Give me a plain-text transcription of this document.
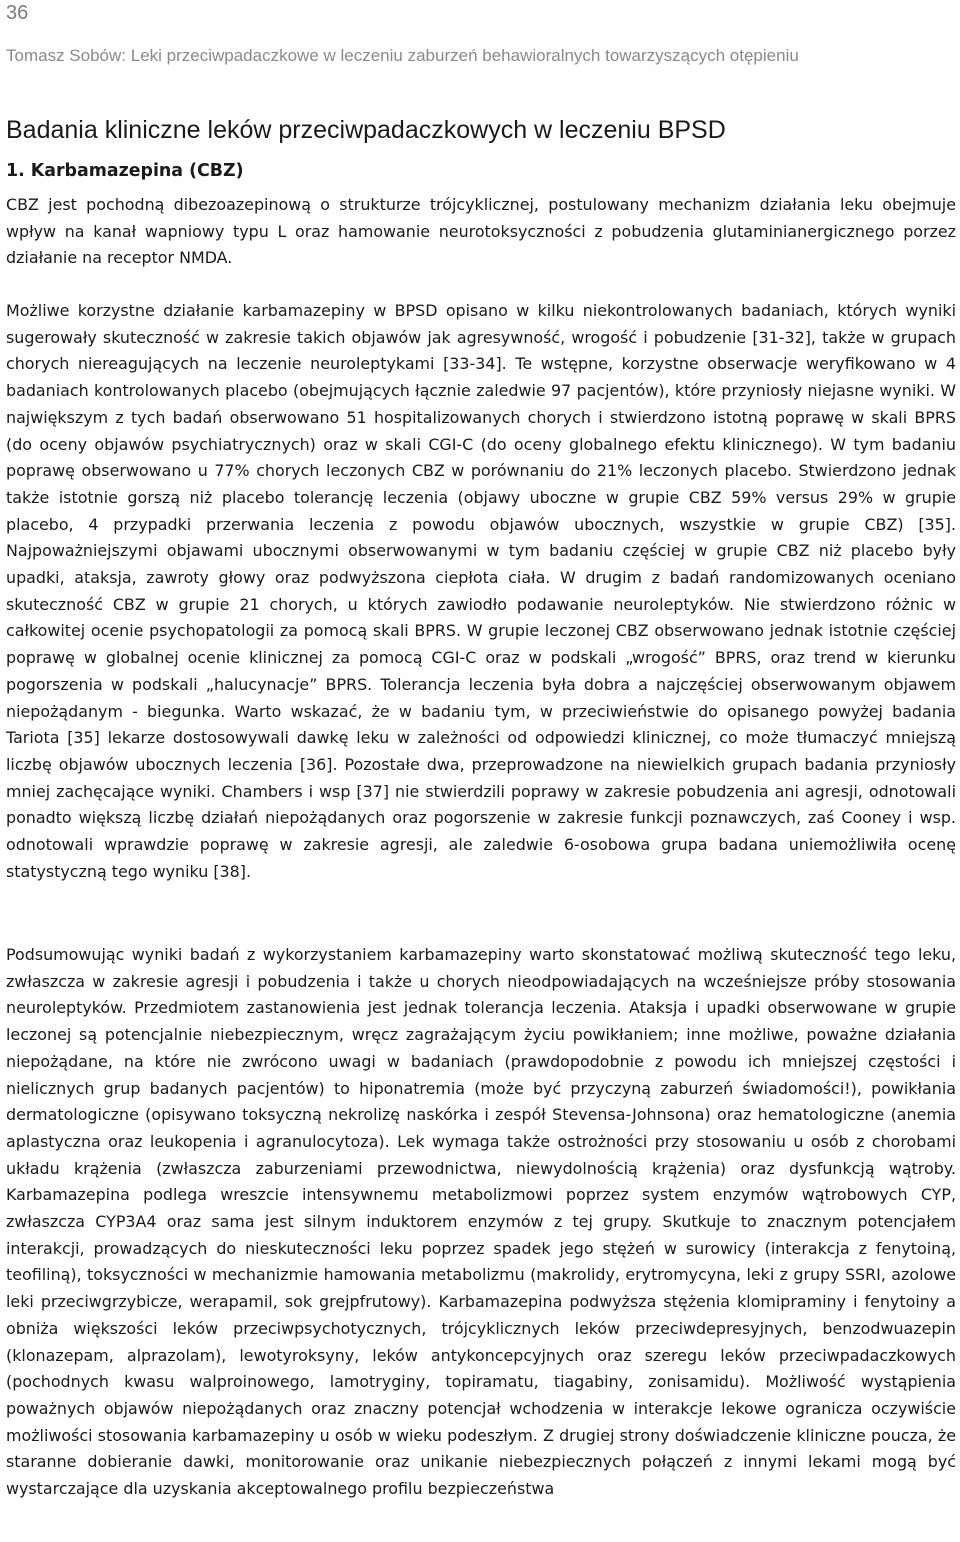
36
Tomasz Sobów: Leki przeciwpadaczkowe w leczeniu zaburzeń behawioralnych towarzyszących otępieniu
Badania kliniczne leków przeciwpadaczkowych w leczeniu BPSD
1. Karbamazepina (CBZ)

CBZ jest pochodną dibezoazepinową o strukturze trójcyklicznej, postulowany mechanizm działania leku obejmuje wpływ na kanał wapniowy typu L oraz hamowanie neurotoksyczności z pobudzenia glutaminianergicznego porzez działanie na receptor NMDA.

Możliwe korzystne działanie karbamazepiny w BPSD opisano w kilku niekontrolowanych badaniach, których wyniki sugerowały skuteczność w zakresie takich objawów jak agresywność, wrogość i pobudzenie [31-32], także w grupach chorych niereagujących na leczenie neuroleptykami [33-34]. Te wstępne, korzystne obserwacje weryfikowano w 4 badaniach kontrolowanych placebo (obejmujących łącznie zaledwie 97 pacjentów), które przyniosły niejasne wyniki. W największym z tych badań obserwowano 51 hospitalizowanych chorych i stwierdzono istotną poprawę w skali BPRS (do oceny objawów psychiatrycznych) oraz w skali CGI-C (do oceny globalnego efektu klinicznego). W tym badaniu poprawę obserwowano u 77% chorych leczonych CBZ w porównaniu do 21% leczonych placebo. Stwierdzono jednak także istotnie gorszą niż placebo tolerancję leczenia (objawy uboczne w grupie CBZ 59% versus 29% w grupie placebo, 4 przypadki przerwania leczenia z powodu objawów ubocznych, wszystkie w grupie CBZ) [35]. Najpoważniejszymi objawami ubocznymi obserwowanymi w tym badaniu częściej w grupie CBZ niż placebo były upadki, ataksja, zawroty głowy oraz podwyższona ciepłota ciała. W drugim z badań randomizowanych oceniano skuteczność CBZ w grupie 21 chorych, u których zawiodło podawanie neuroleptyków. Nie stwierdzono różnic w całkowitej ocenie psychopatologii za pomocą skali BPRS. W grupie leczonej CBZ obserwowano jednak istotnie częściej poprawę w globalnej ocenie klinicznej za pomocą CGI-C oraz w podskali „wrogość” BPRS, oraz trend w kierunku pogorszenia w podskali „halucynacje” BPRS. Tolerancja leczenia była dobra a najczęściej obserwowanym objawem niepożądanym - biegunka. Warto wskazać, że w badaniu tym, w przeciwieństwie do opisanego powyżej badania Tariota [35] lekarze dostosowywali dawkę leku w zależności od odpowiedzi klinicznej, co może tłumaczyć mniejszą liczbę objawów ubocznych leczenia [36]. Pozostałe dwa, przeprowadzone na niewielkich grupach badania przyniosły mniej zachęcające wyniki. Chambers i wsp [37] nie stwierdzili poprawy w zakresie pobudzenia ani agresji, odnotowali ponadto większą liczbę działań niepożądanych oraz pogorszenie w zakresie funkcji poznawczych, zaś Cooney i wsp. odnotowali wprawdzie poprawę w zakresie agresji, ale zaledwie 6-osobowa grupa badana uniemożliwiła ocenę statystyczną tego wyniku [38].

Podsumowując wyniki badań z wykorzystaniem karbamazepiny warto skonstatować możliwą skuteczność tego leku, zwłaszcza w zakresie agresji i pobudzenia i także u chorych nieodpowiadających na wcześniejsze próby stosowania neuroleptyków. Przedmiotem zastanowienia jest jednak tolerancja leczenia. Ataksja i upadki obserwowane w grupie leczonej są potencjalnie niebezpiecznym, wręcz zagrażającym życiu powikłaniem; inne możliwe, poważne działania niepożądane, na które nie zwrócono uwagi w badaniach (prawdopodobnie z powodu ich mniejszej częstości i nielicznych grup badanych pacjentów) to hiponatremia (może być przyczyną zaburzeń świadomości!), powikłania dermatologiczne (opisywano toksyczną nekrolizę naskórka i zespół Stevensa-Johnsona) oraz hematologiczne (anemia aplastyczna oraz leukopenia i agranulocytoza). Lek wymaga także ostrożności przy stosowaniu u osób z chorobami układu krążenia (zwłaszcza zaburzeniami przewodnictwa, niewydolnością krążenia) oraz dysfunkcją wątroby. Karbamazepina podlega wreszcie intensywnemu metabolizmowi poprzez system enzymów wątrobowych CYP, zwłaszcza CYP3A4 oraz sama jest silnym induktorem enzymów z tej grupy. Skutkuje to znacznym potencjałem interakcji, prowadzących do nieskuteczności leku poprzez spadek jego stężeń w surowicy (interakcja z fenytoiną, teofiliną), toksyczności w mechanizmie hamowania metabolizmu (makrolidy, erytromycyna, leki z grupy SSRI, azolowe leki przeciwgrzybicze, werapamil, sok grejpfrutowy). Karbamazepina podwyższa stężenia klomipraminy i fenytoiny a obniża większości leków przeciwpsychotycznych, trójcyklicznych leków przeciwdepresyjnych, benzodwuazepin (klonazepam, alprazolam), lewotyroksyny, leków antykoncepcyjnych oraz szeregu leków przeciwpadaczkowych (pochodnych kwasu walproinowego, lamotryginy, topiramatu, tiagabiny, zonisamidu). Możliwość wystąpienia poważnych objawów niepożądanych oraz znaczny potencjał wchodzenia w interakcje lekowe ogranicza oczywiście możliwości stosowania karbamazepiny u osób w wieku podeszłym. Z drugiej strony doświadczenie kliniczne poucza, że staranne dobieranie dawki, monitorowanie oraz unikanie niebezpiecznych połączeń z innymi lekami mogą być wystarczające dla uzyskania akceptowalnego profilu bezpieczeństwa
